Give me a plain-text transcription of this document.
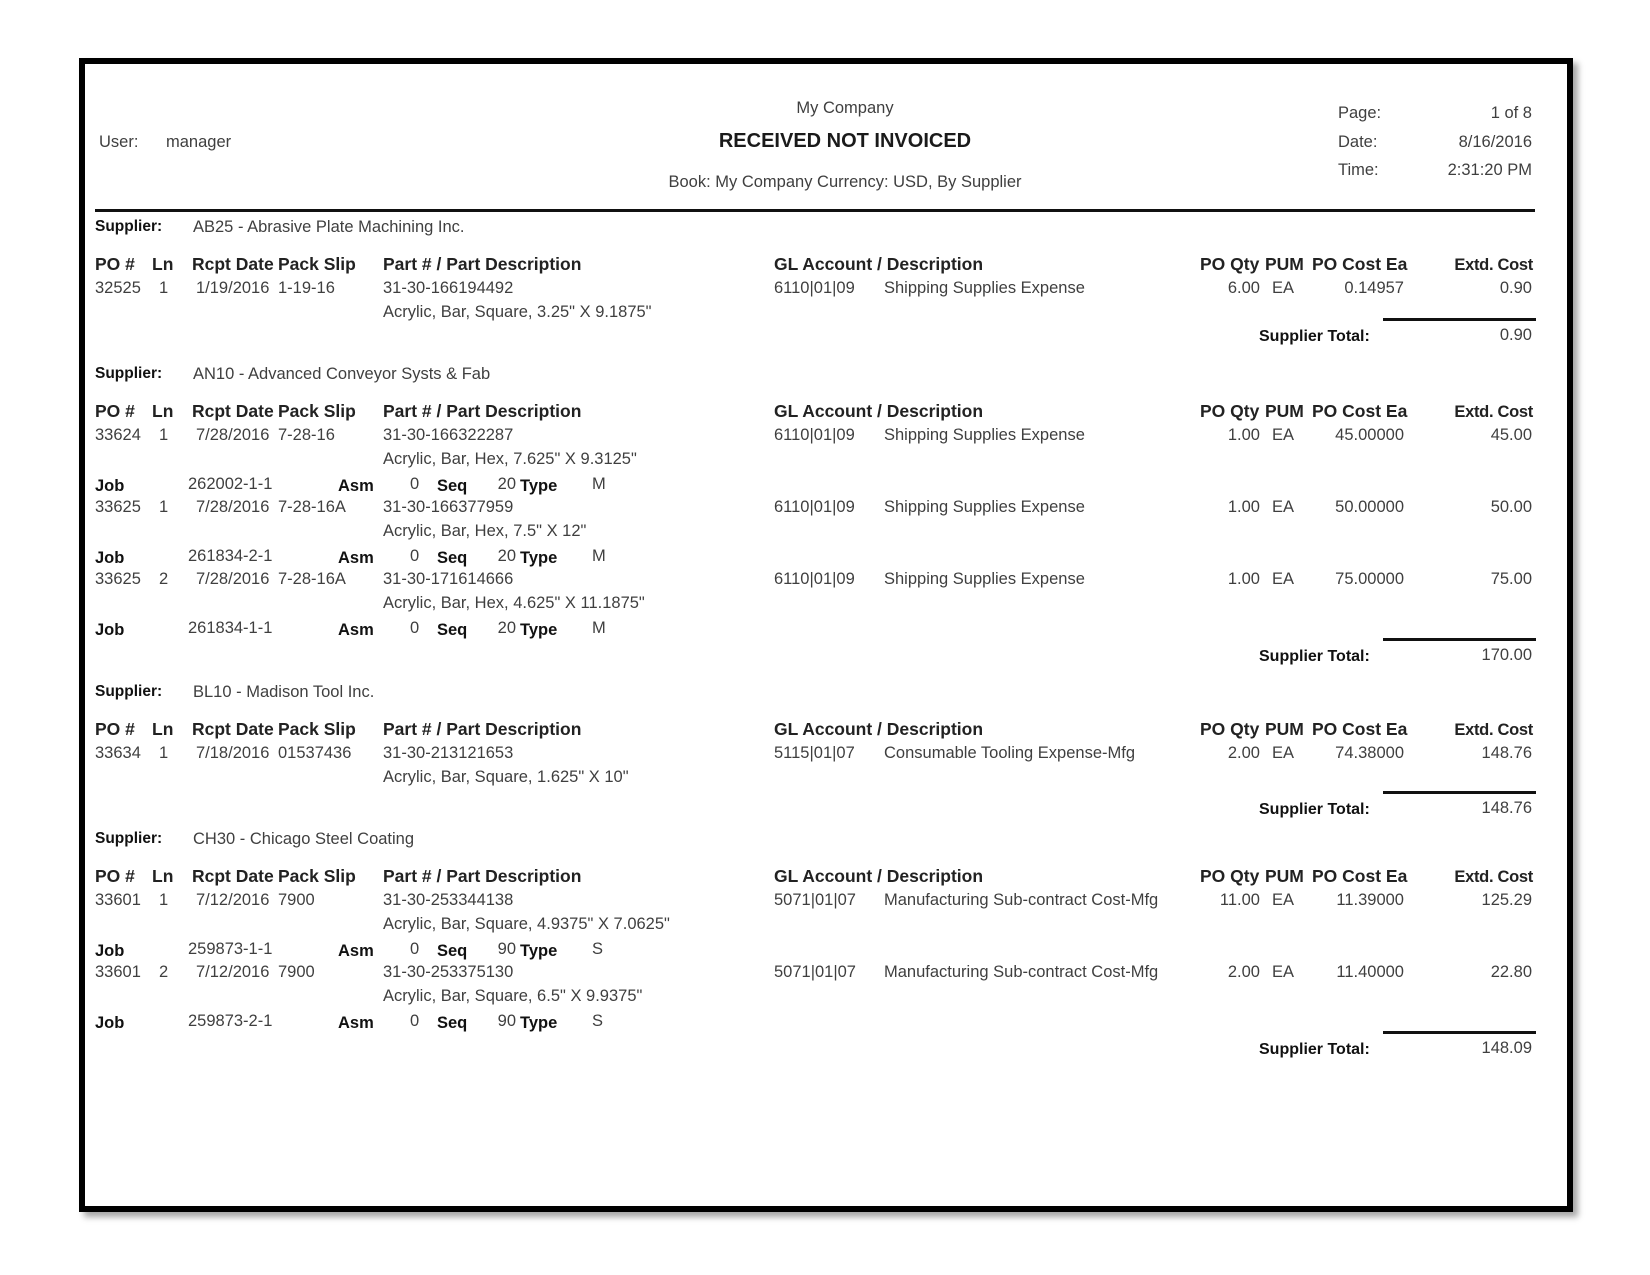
User: manager
My Company
RECEIVED NOT INVOICED
Book: My Company Currency: USD, By Supplier
Page:	1 of 8
Date:	8/16/2016
Time:	2:31:20 PM
Supplier: AB25 - Abrasive Plate Machining Inc.
PO # Ln Rcpt Date Pack Slip Part # / Part Description	GL Account / Description	PO Qty PUM PO Cost Ea	Extd. Cost
32525 1 1/19/2016 1-19-16	31-30-166194492	6110|01|09 Shipping Supplies Expense	6.00 EA	0.14957	0.90
Acrylic, Bar, Square, 3.25" X 9.1875"
Supplier Total:	0.90
Supplier: AN10 - Advanced Conveyor Systs & Fab
PO # Ln Rcpt Date Pack Slip Part # / Part Description	GL Account / Description	PO Qty PUM PO Cost Ea	Extd. Cost
33624 1 7/28/2016 7-28-16	31-30-166322287	6110|01|09 Shipping Supplies Expense	1.00 EA	45.00000	45.00
Acrylic, Bar, Hex, 7.625" X 9.3125"
Job	262002-1-1	Asm 0 Seq	20 Type M
33625 1 7/28/2016 7-28-16A 31-30-166377959	6110|01|09 Shipping Supplies Expense	1.00 EA	50.00000	50.00
Acrylic, Bar, Hex, 7.5" X 12"
Job	261834-2-1	Asm 0 Seq	20 Type M
33625 2 7/28/2016 7-28-16A 31-30-171614666	6110|01|09 Shipping Supplies Expense	1.00 EA	75.00000	75.00
Acrylic, Bar, Hex, 4.625" X 11.1875"
Job	261834-1-1	Asm 0 Seq	20 Type M
Supplier Total:	170.00
Supplier: BL10 - Madison Tool Inc.
PO # Ln Rcpt Date Pack Slip Part # / Part Description	GL Account / Description	PO Qty PUM PO Cost Ea	Extd. Cost
33634 1 7/18/2016 01537436 31-30-213121653	5115|01|07 Consumable Tooling Expense-Mfg	2.00 EA	74.38000	148.76
Acrylic, Bar, Square, 1.625" X 10"
Supplier Total:	148.76
Supplier: CH30 - Chicago Steel Coating
PO # Ln Rcpt Date Pack Slip Part # / Part Description	GL Account / Description	PO Qty PUM PO Cost Ea	Extd. Cost
33601 1 7/12/2016 7900	31-30-253344138	5071|01|07 Manufacturing Sub-contract Cost-Mfg	11.00 EA	11.39000	125.29
Acrylic, Bar, Square, 4.9375" X 7.0625"
Job	259873-1-1	Asm 0 Seq	90 Type S
33601 2 7/12/2016 7900	31-30-253375130	5071|01|07 Manufacturing Sub-contract Cost-Mfg	2.00 EA	11.40000	22.80
Acrylic, Bar, Square, 6.5" X 9.9375"
Job	259873-2-1	Asm 0 Seq	90 Type S
Supplier Total:	148.09
